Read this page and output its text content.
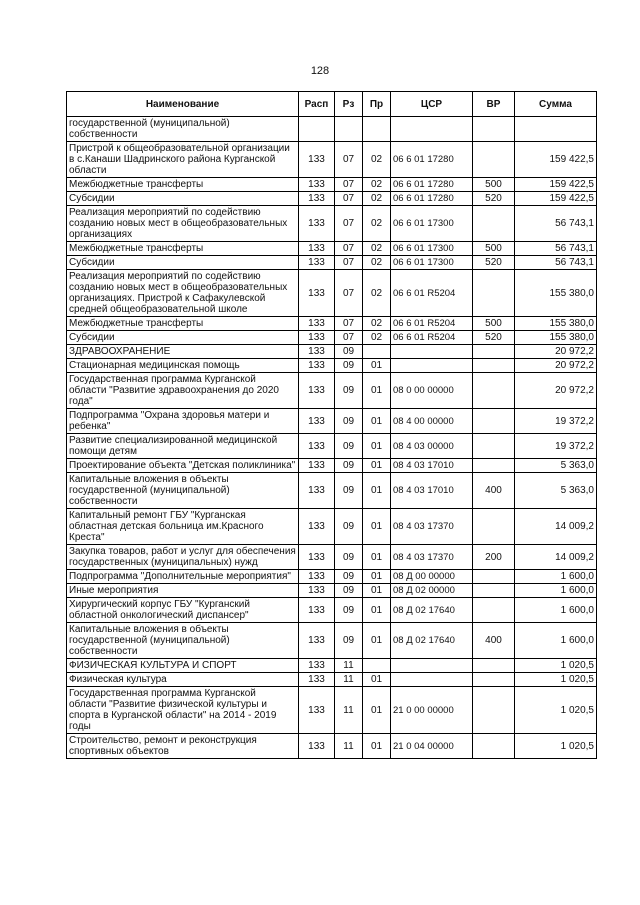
128
Наименование	Расп	Рз	Пр	ЦСР	ВР	Сумма
государственной (муниципальной) собственности						
Пристрой к общеобразовательной организации в с.Канаши Шадринского района Курганской области	133	07	02	06 6 01 17280		159 422,5
Межбюджетные трансферты	133	07	02	06 6 01 17280	500	159 422,5
Субсидии	133	07	02	06 6 01 17280	520	159 422,5
Реализация мероприятий по содействию созданию новых мест в общеобразовательных организациях	133	07	02	06 6 01 17300		56 743,1
Межбюджетные трансферты	133	07	02	06 6 01 17300	500	56 743,1
Субсидии	133	07	02	06 6 01 17300	520	56 743,1
Реализация мероприятий по содействию созданию новых мест в общеобразовательных организациях. Пристрой к Сафакулевской средней общеобразовательной школе	133	07	02	06 6 01 R5204		155 380,0
Межбюджетные трансферты	133	07	02	06 6 01 R5204	500	155 380,0
Субсидии	133	07	02	06 6 01 R5204	520	155 380,0
ЗДРАВООХРАНЕНИЕ	133	09				20 972,2
Стационарная медицинская помощь	133	09	01			20 972,2
Государственная программа Курганской области "Развитие здравоохранения до 2020 года"	133	09	01	08 0 00 00000		20 972,2
Подпрограмма "Охрана здоровья матери и ребенка"	133	09	01	08 4 00 00000		19 372,2
Развитие специализированной медицинской помощи детям	133	09	01	08 4 03 00000		19 372,2
Проектирование объекта "Детская поликлиника"	133	09	01	08 4 03 17010		5 363,0
Капитальные вложения в объекты государственной (муниципальной) собственности	133	09	01	08 4 03 17010	400	5 363,0
Капитальный ремонт ГБУ "Курганская областная детская больница им.Красного Креста"	133	09	01	08 4 03 17370		14 009,2
Закупка товаров, работ и услуг для обеспечения государственных (муниципальных) нужд	133	09	01	08 4 03 17370	200	14 009,2
Подпрограмма "Дополнительные мероприятия"	133	09	01	08 Д 00 00000		1 600,0
Иные мероприятия	133	09	01	08 Д 02 00000		1 600,0
Хирургический корпус ГБУ "Курганский областной онкологический диспансер"	133	09	01	08 Д 02 17640		1 600,0
Капитальные вложения в объекты государственной (муниципальной) собственности	133	09	01	08 Д 02 17640	400	1 600,0
ФИЗИЧЕСКАЯ КУЛЬТУРА И СПОРТ	133	11				1 020,5
Физическая культура	133	11	01			1 020,5
Государственная программа Курганской области "Развитие физической культуры и спорта в Курганской области" на 2014 - 2019 годы	133	11	01	21 0 00 00000		1 020,5
Строительство, ремонт и реконструкция спортивных объектов	133	11	01	21 0 04 00000		1 020,5
